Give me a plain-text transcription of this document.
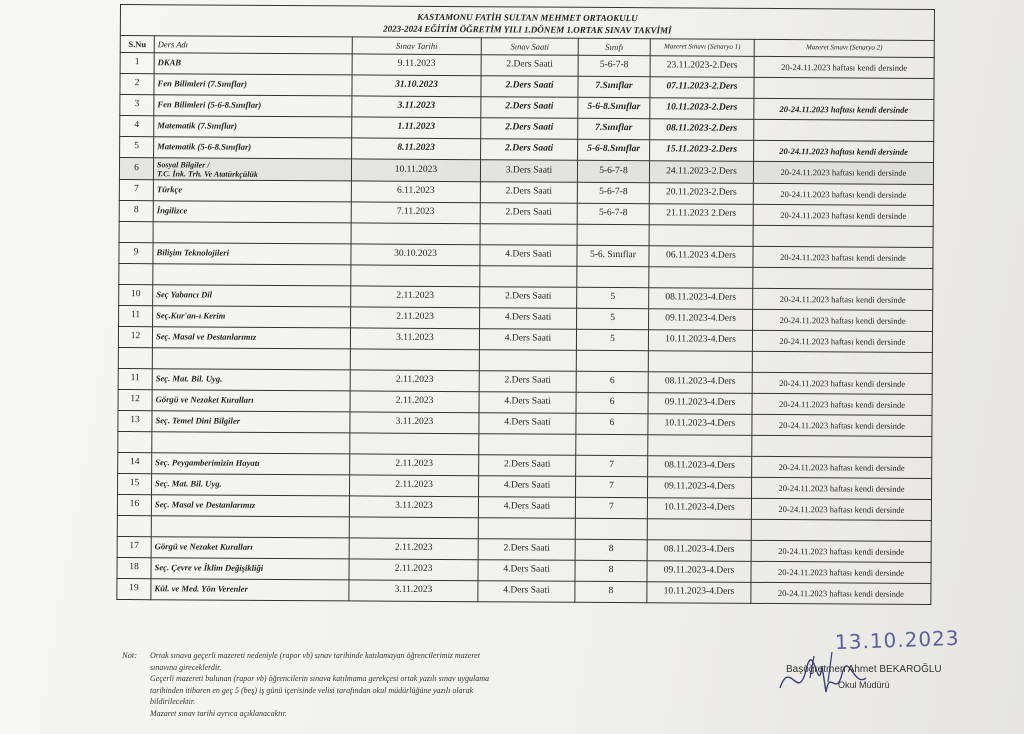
KASTAMONU FATİH SULTAN MEHMET ORTAOKULU
2023-2024 EĞİTİM ÖĞRETİM YILI 1.DÖNEM 1.ORTAK SINAV TAKVİMİ						

S.Nu	Ders Adı	Sınav Tarihi	Sınav Saati	Sınıfı	Mazeret Sınavı (Senaryo 1)	Mazeret Sınavı (Senaryo 2)
1	DKAB	9.11.2023	2.Ders Saati	5-6-7-8	23.11.2023-2.Ders	20-24.11.2023 haftası kendi dersinde
2	Fen Bilimleri (7.Sınıflar)	31.10.2023	2.Ders Saati	7.Sınıflar	07.11.2023-2.Ders	
3	Fen Bilimleri (5-6-8.Sınıflar)	3.11.2023	2.Ders Saati	5-6-8.Sınıflar	10.11.2023-2.Ders	20-24.11.2023 haftası kendi dersinde
4	Matematik (7.Sınıflar)	1.11.2023	2.Ders Saati	7.Sınıflar	08.11.2023-2.Ders	
5	Matematik (5-6-8.Sınıflar)	8.11.2023	2.Ders Saati	5-6-8.Sınıflar	15.11.2023-2.Ders	20-24.11.2023 haftası kendi dersinde
6	Sosyal Bilgiler /
T.C. İnk. Trh. Ve Atatürkçülük	10.11.2023	3.Ders Saati	5-6-7-8	24.11.2023-2.Ders	20-24.11.2023 haftası kendi dersinde
7	Türkçe	6.11.2023	2.Ders Saati	5-6-7-8	20.11.2023-2.Ders	20-24.11.2023 haftası kendi dersinde
8	İngilizce	7.11.2023	2.Ders Saati	5-6-7-8	21.11.2023 2.Ders	20-24.11.2023 haftası kendi dersinde

9	Bilişim Teknolojileri	30.10.2023	4.Ders Saati	5-6. Sınıflar	06.11.2023 4.Ders	20-24.11.2023 haftası kendi dersinde

10	Seç Yabancı Dil	2.11.2023	2.Ders Saati	5	08.11.2023-4.Ders	20-24.11.2023 haftası kendi dersinde
11	Seç.Kur'an-ı Kerim	2.11.2023	4.Ders Saati	5	09.11.2023-4.Ders	20-24.11.2023 haftası kendi dersinde
12	Seç. Masal ve Destanlarımız	3.11.2023	4.Ders Saati	5	10.11.2023-4.Ders	20-24.11.2023 haftası kendi dersinde

11	Seç. Mat. Bil. Uyg.	2.11.2023	2.Ders Saati	6	08.11.2023-4.Ders	20-24.11.2023 haftası kendi dersinde
12	Görgü ve Nezaket Kuralları	2.11.2023	4.Ders Saati	6	09.11.2023-4.Ders	20-24.11.2023 haftası kendi dersinde
13	Seç. Temel Dini Bilgiler	3.11.2023	4.Ders Saati	6	10.11.2023-4.Ders	20-24.11.2023 haftası kendi dersinde

14	Seç. Peygamberimizin Hayatı	2.11.2023	2.Ders Saati	7	08.11.2023-4.Ders	20-24.11.2023 haftası kendi dersinde
15	Seç. Mat. Bil. Uyg.	2.11.2023	4.Ders Saati	7	09.11.2023-4.Ders	20-24.11.2023 haftası kendi dersinde
16	Seç. Masal ve Destanlarımız	3.11.2023	4.Ders Saati	7	10.11.2023-4.Ders	20-24.11.2023 haftası kendi dersinde

17	Görgü ve Nezaket Kuralları	2.11.2023	2.Ders Saati	8	08.11.2023-4.Ders	20-24.11.2023 haftası kendi dersinde
18	Seç. Çevre ve İklim Değişikliği	2.11.2023	4.Ders Saati	8	09.11.2023-4.Ders	20-24.11.2023 haftası kendi dersinde
19	Kül. ve Med. Yön Verenler	3.11.2023	4.Ders Saati	8	10.11.2023-4.Ders	20-24.11.2023 haftası kendi dersinde
Not: Ortak sınava geçerli mazereti nedeniyle (rapor vb) sınav tarihinde katılamayan öğrencilerimiz mazeret

sınavına gireceklerdir.

Geçerli mazereti bulunan (rapor vb) öğrencilerin sınava katılmama gerekçesi ortak yazılı sınav uygulama

tarihinden itibaren en geç 5 (beş) iş günü içerisinde velisi tarafından okul müdürlüğüne yazılı olarak

bildirilecektir.

Mazaret sınav tarihi ayrıca açıklanacaktır.

13.10.2023
Başöğretmen Ahmet BEKAROĞLU
Okul Müdürü
